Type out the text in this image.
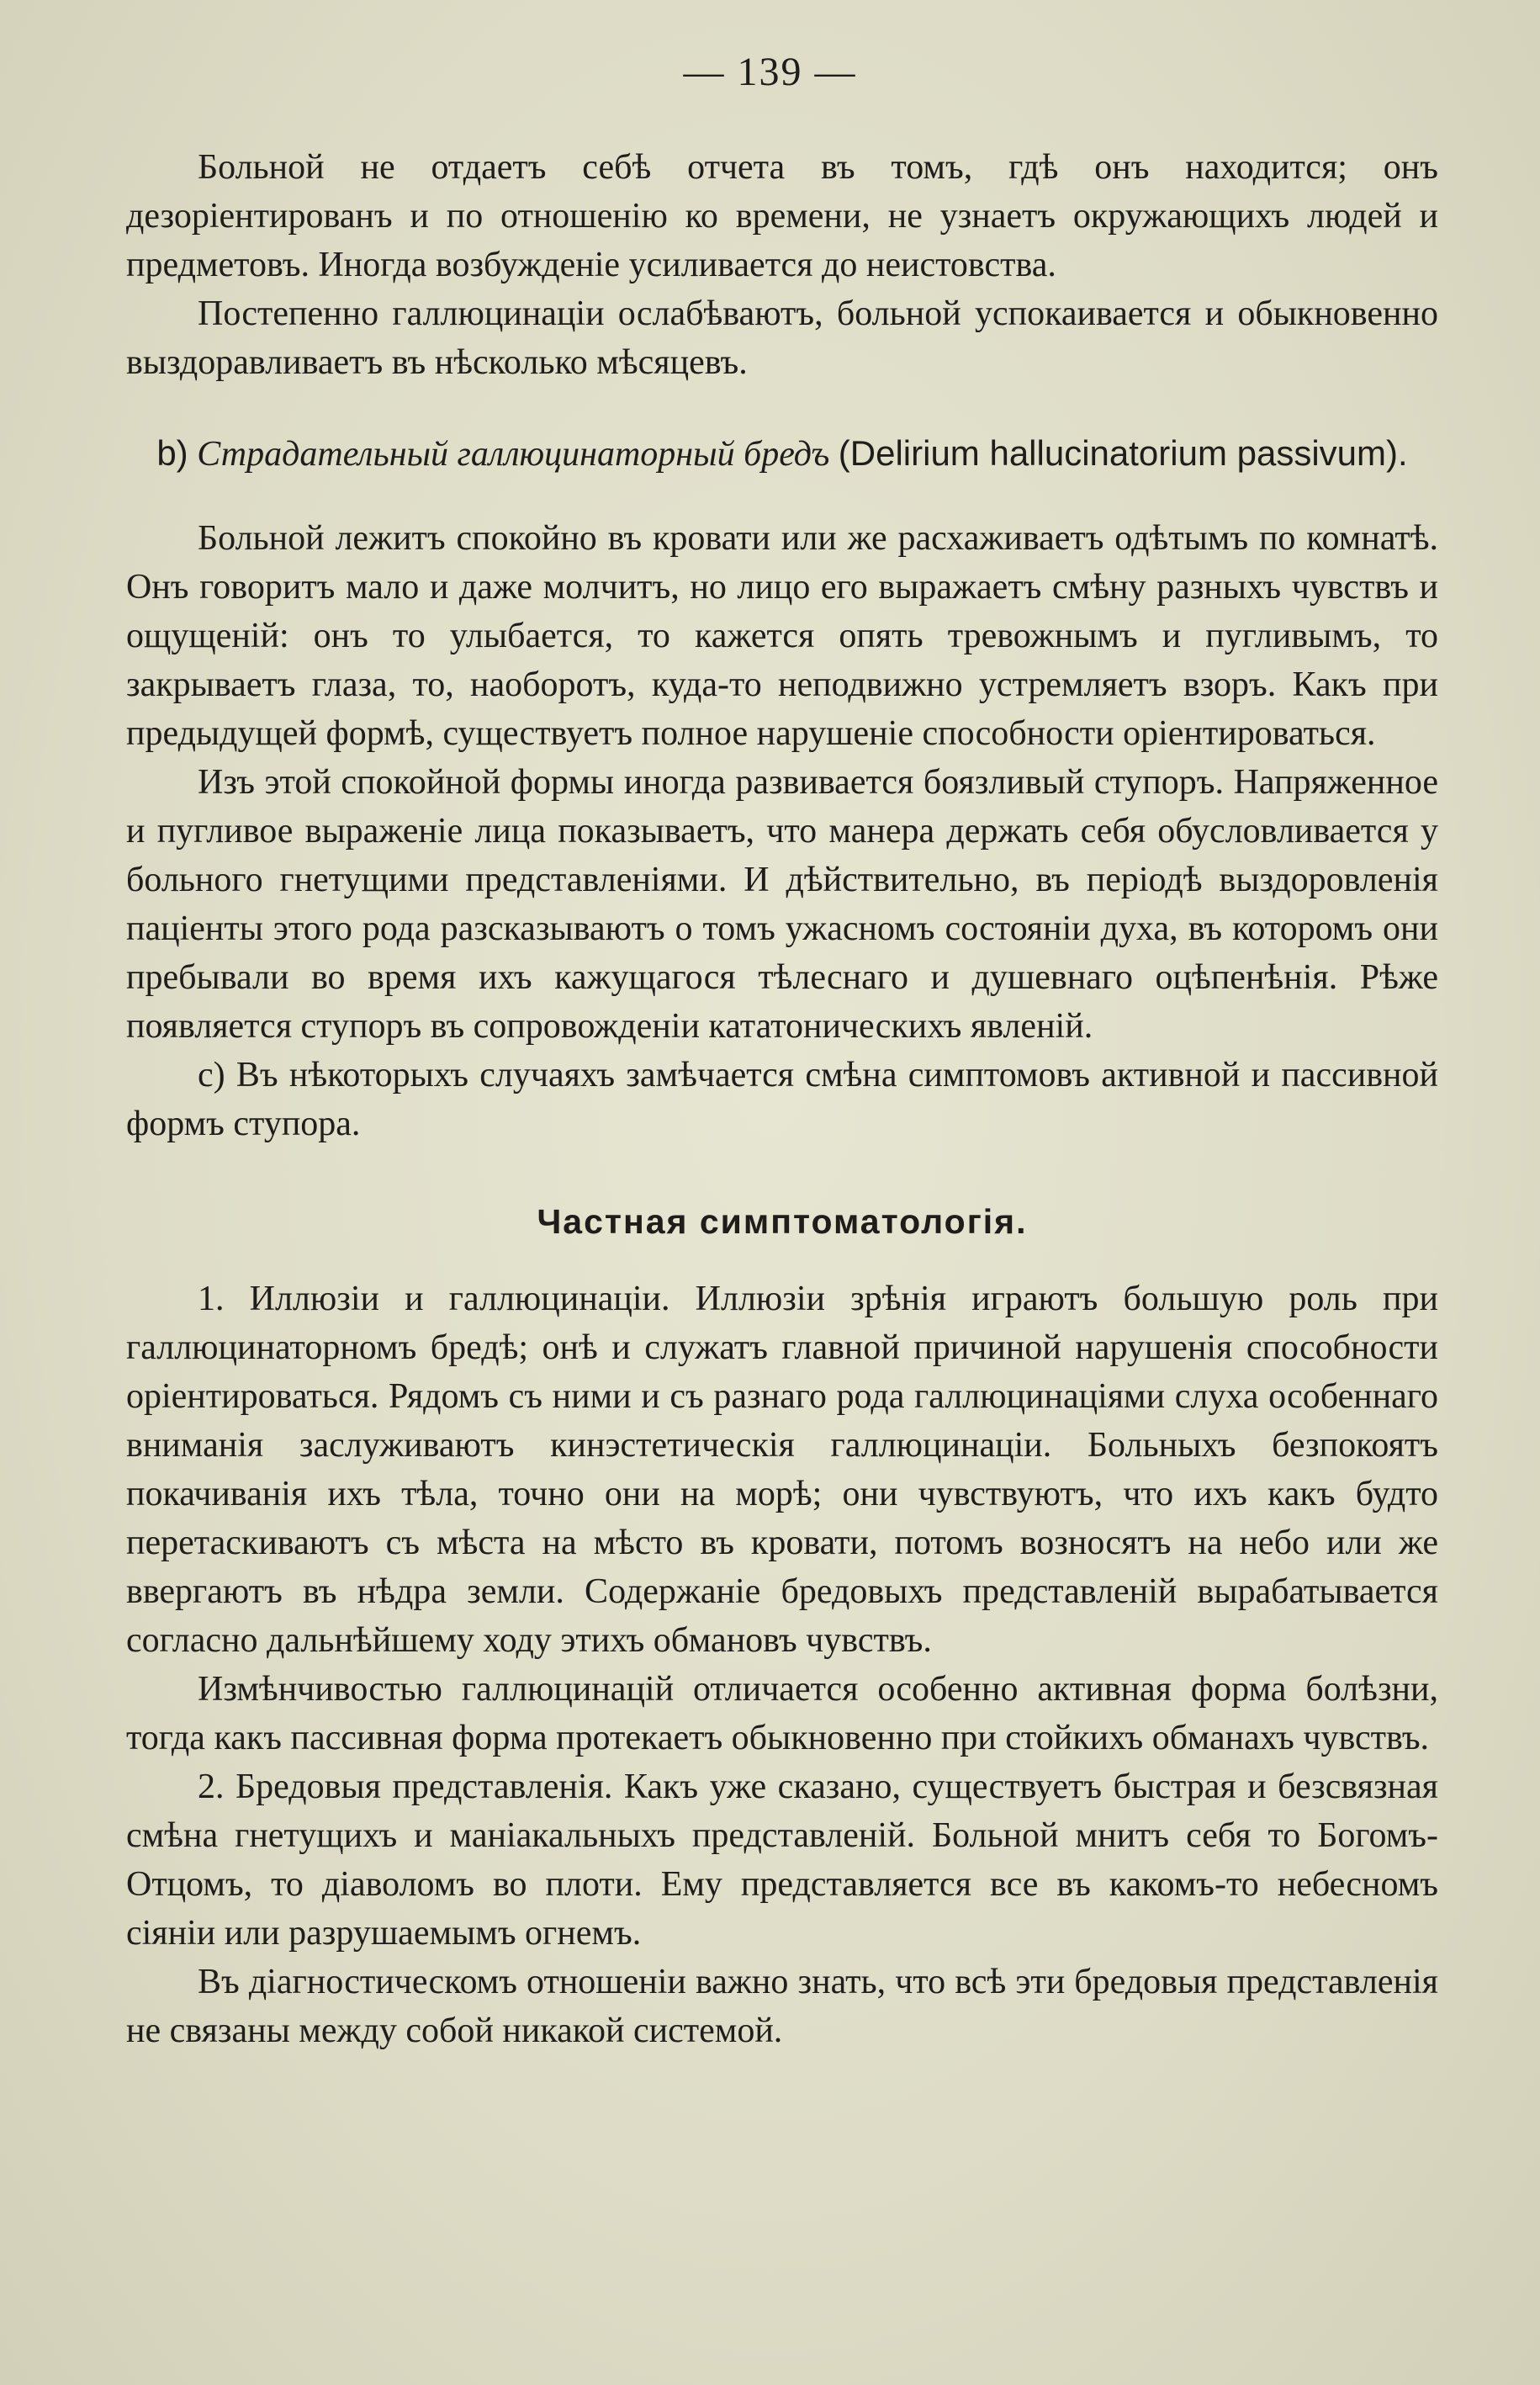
— 139 —

Больной не отдаетъ себѣ отчета въ томъ, гдѣ онъ находится; онъ дезоріентированъ и по отношенію ко времени, не узнаетъ окружающихъ людей и предметовъ. Иногда возбужденіе усиливается до неистовства.

Постепенно галлюцинаціи ослабѣваютъ, больной успокаивается и обыкновенно выздоравливаетъ въ нѣсколько мѣсяцевъ.

b) Страдательный галлюцинаторный бредъ (Delirium hallucinatorium passivum).

Больной лежитъ спокойно въ кровати или же расхаживаетъ одѣтымъ по комнатѣ. Онъ говоритъ мало и даже молчитъ, но лицо его выражаетъ смѣну разныхъ чувствъ и ощущеній: онъ то улыбается, то кажется опять тревожнымъ и пугливымъ, то закрываетъ глаза, то, наоборотъ, куда-то неподвижно устремляетъ взоръ. Какъ при предыдущей формѣ, существуетъ полное нарушеніе способности оріентироваться.

Изъ этой спокойной формы иногда развивается боязливый ступоръ. Напряженное и пугливое выраженіе лица показываетъ, что манера держать себя обусловливается у больного гнетущими представленіями. И дѣйствительно, въ періодѣ выздоровленія паціенты этого рода разсказываютъ о томъ ужасномъ состояніи духа, въ которомъ они пребывали во время ихъ кажущагося тѣлеснаго и душевнаго оцѣпенѣнія. Рѣже появляется ступоръ въ сопровожденіи кататоническихъ явленій.

с) Въ нѣкоторыхъ случаяхъ замѣчается смѣна симптомовъ активной и пассивной формъ ступора.

Частная симптоматологія.

1. Иллюзіи и галлюцинаціи. Иллюзіи зрѣнія играютъ большую роль при галлюцинаторномъ бредѣ; онѣ и служатъ главной причиной нарушенія способности оріентироваться. Рядомъ съ ними и съ разнаго рода галлюцинаціями слуха особеннаго вниманія заслуживаютъ кинэстетическія галлюцинаціи. Больныхъ безпокоятъ покачиванія ихъ тѣла, точно они на морѣ; они чувствуютъ, что ихъ какъ будто перетаскиваютъ съ мѣста на мѣсто въ кровати, потомъ возносятъ на небо или же ввергаютъ въ нѣдра земли. Содержаніе бредовыхъ представленій вырабатывается согласно дальнѣйшему ходу этихъ обмановъ чувствъ.

Измѣнчивостью галлюцинацій отличается особенно активная форма болѣзни, тогда какъ пассивная форма протекаетъ обыкновенно при стойкихъ обманахъ чувствъ.

2. Бредовыя представленія. Какъ уже сказано, существуетъ быстрая и безсвязная смѣна гнетущихъ и маніакальныхъ представленій. Больной мнитъ себя то Богомъ-Отцомъ, то діаволомъ во плоти. Ему представляется все въ какомъ-то небесномъ сіяніи или разрушаемымъ огнемъ.

Въ діагностическомъ отношеніи важно знать, что всѣ эти бредовыя представленія не связаны между собой никакой системой.
